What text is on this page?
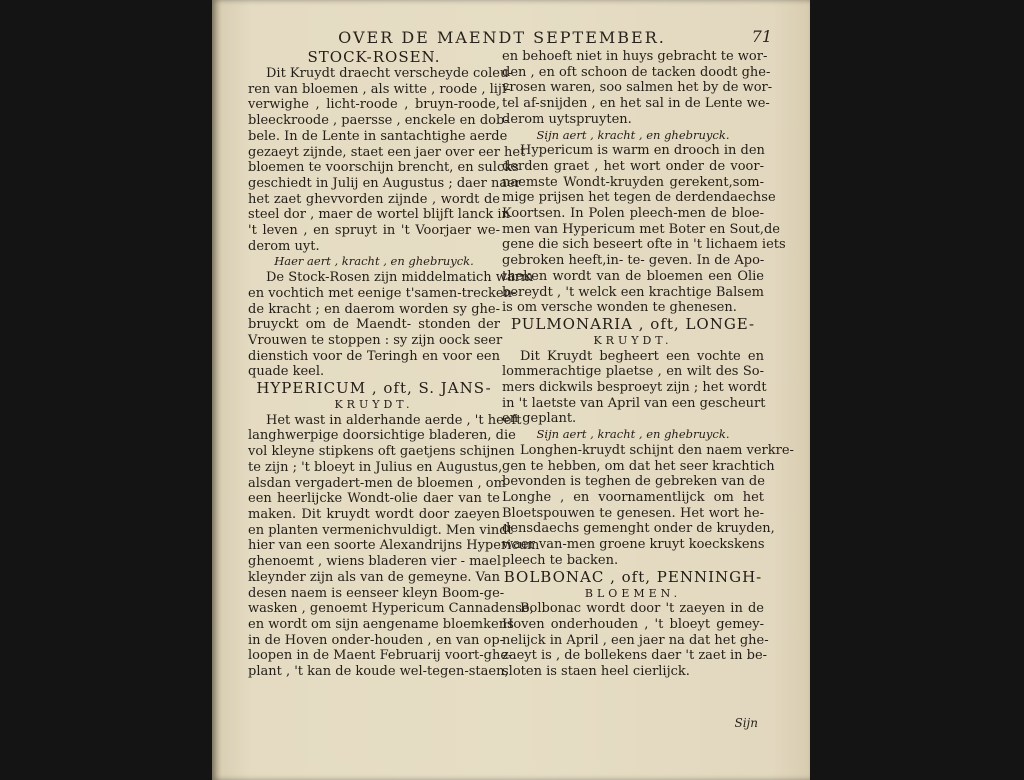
OVER DE MAENDT SEPTEMBER.	71
STOCK-ROSEN.
Dit Kruydt draecht verscheyde coleu-
ren van bloemen , als witte , roode , lijf-
verwighe , licht-roode , bruyn-roode,
bleeckroode , paersse , enckele en dob-
bele. In de Lente in santachtighe aerde
gezaeyt zijnde, staet een jaer over eer het
bloemen te voorschijn brencht, en sulcks
geschiedt in Julij en Augustus ; daer naer
het zaet ghevvorden zijnde , wordt de
steel dor , maer de wortel blijft lanck in
't leven , en spruyt in 't Voorjaer we-
derom uyt.
Haer aert , kracht , en ghebruyck.
De Stock-Rosen zijn middelmatich warm
en vochtich met eenige t'samen-trecken-
de kracht ; en daerom worden sy ghe-
bruyckt om de Maendt- stonden der
Vrouwen te stoppen : sy zijn oock seer
dienstich voor de Teringh en voor een
quade keel.
HYPERICUM , oft, S. JANS-
KRUYDT.
Het wast in alderhande aerde , 't heeft
langhwerpige doorsichtige bladeren, die
vol kleyne stipkens oft gaetjens schijnen
te zijn ; 't bloeyt in Julius en Augustus,
alsdan vergadert-men de bloemen , om
een heerlijcke Wondt-olie daer van te
maken. Dit kruydt wordt door zaeyen
en planten vermenichvuldigt. Men vindt
hier van een soorte Alexandrijns Hypericum
ghenoemt , wiens bladeren vier - mael
kleynder zijn als van de gemeyne. Van
desen naem is eenseer kleyn Boom-ge-
wasken , genoemt Hypericum Cannadense,
en wordt om sijn aengename bloemkens
in de Hoven onder-houden , en van op-
loopen in de Maent Februarij voort-ghe-
plant , 't kan de koude wel-tegen-staen,
en behoeft niet in huys gebracht te wor-
den , en oft schoon de tacken doodt ghe-
vrosen waren, soo salmen het by de wor-
tel af-snijden , en het sal in de Lente we-
derom uytspruyten.
Sijn aert , kracht , en ghebruyck.
Hypericum is warm en drooch in den
derden graet , het wort onder de voor-
naemste Wondt-kruyden gerekent,som-
mige prijsen het tegen de derdendaechse
Koortsen. In Polen pleech-men de bloe-
men van Hypericum met Boter en Sout,de
gene die sich beseert ofte in 't lichaem iets
gebroken heeft,in- te- geven. In de Apo-
theken wordt van de bloemen een Olie
bereydt , 't welck een krachtige Balsem
is om versche wonden te ghenesen.
PULMONARIA , oft, LONGE-
KRUYDT.
Dit Kruydt begheert een vochte en
lommerachtige plaetse , en wilt des So-
mers dickwils besproeyt zijn ; het wordt
in 't laetste van April van een gescheurt
en geplant.
Sijn aert , kracht , en ghebruyck.
Longhen-kruydt schijnt den naem verkre-
gen te hebben, om dat het seer krachtich
bevonden is teghen de gebreken van de
Longhe , en voornamentlijck om het
Bloetspouwen te genesen. Het wort he-
densdaechs gemenght onder de kruyden,
waer van-men groene kruyt koeckskens
pleech te backen.
BOLBONAC , oft, PENNINGH-
BLOEMEN.
Bolbonac wordt door 't zaeyen in de
Hoven onderhouden , 't bloeyt gemey-
nelijck in April , een jaer na dat het ghe-
zaeyt is , de bollekens daer 't zaet in be-
sloten is staen heel cierlijck.
Sijn
